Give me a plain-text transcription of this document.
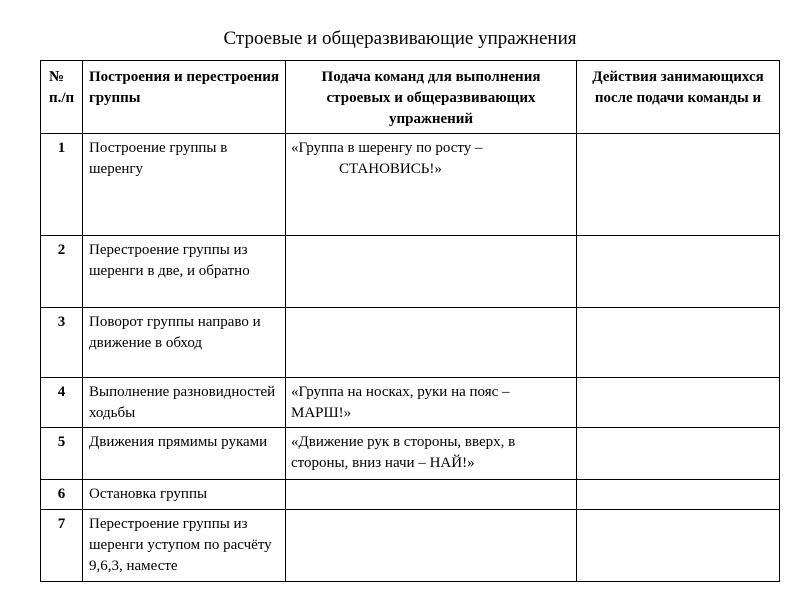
Строевые и общеразвивающие упражнения
№ п./п	Построения и перестроения группы	Подача команд для выполнения строевых и общеразвивающих упражнений	Действия занимающихся после подачи команды и
1	Построение группы в шеренгу	«Группа в шеренгу по росту –
СТАНОВИСЬ!»	

2	Перестроение группы из шеренги в две, и обратно	

3	Поворот группы направо и движение в обход	

4	Выполнение разновидностей ходьбы	«Группа на носках, руки на пояс –
МАРШ!»	

5	Движения прямимы руками	«Движение рук в стороны, вверх, в
стороны, вниз начи – НАЙ!»	

6	Остановка группы	

7	Перестроение группы из шеренги уступом по расчёту 9,6,3, наместе	
